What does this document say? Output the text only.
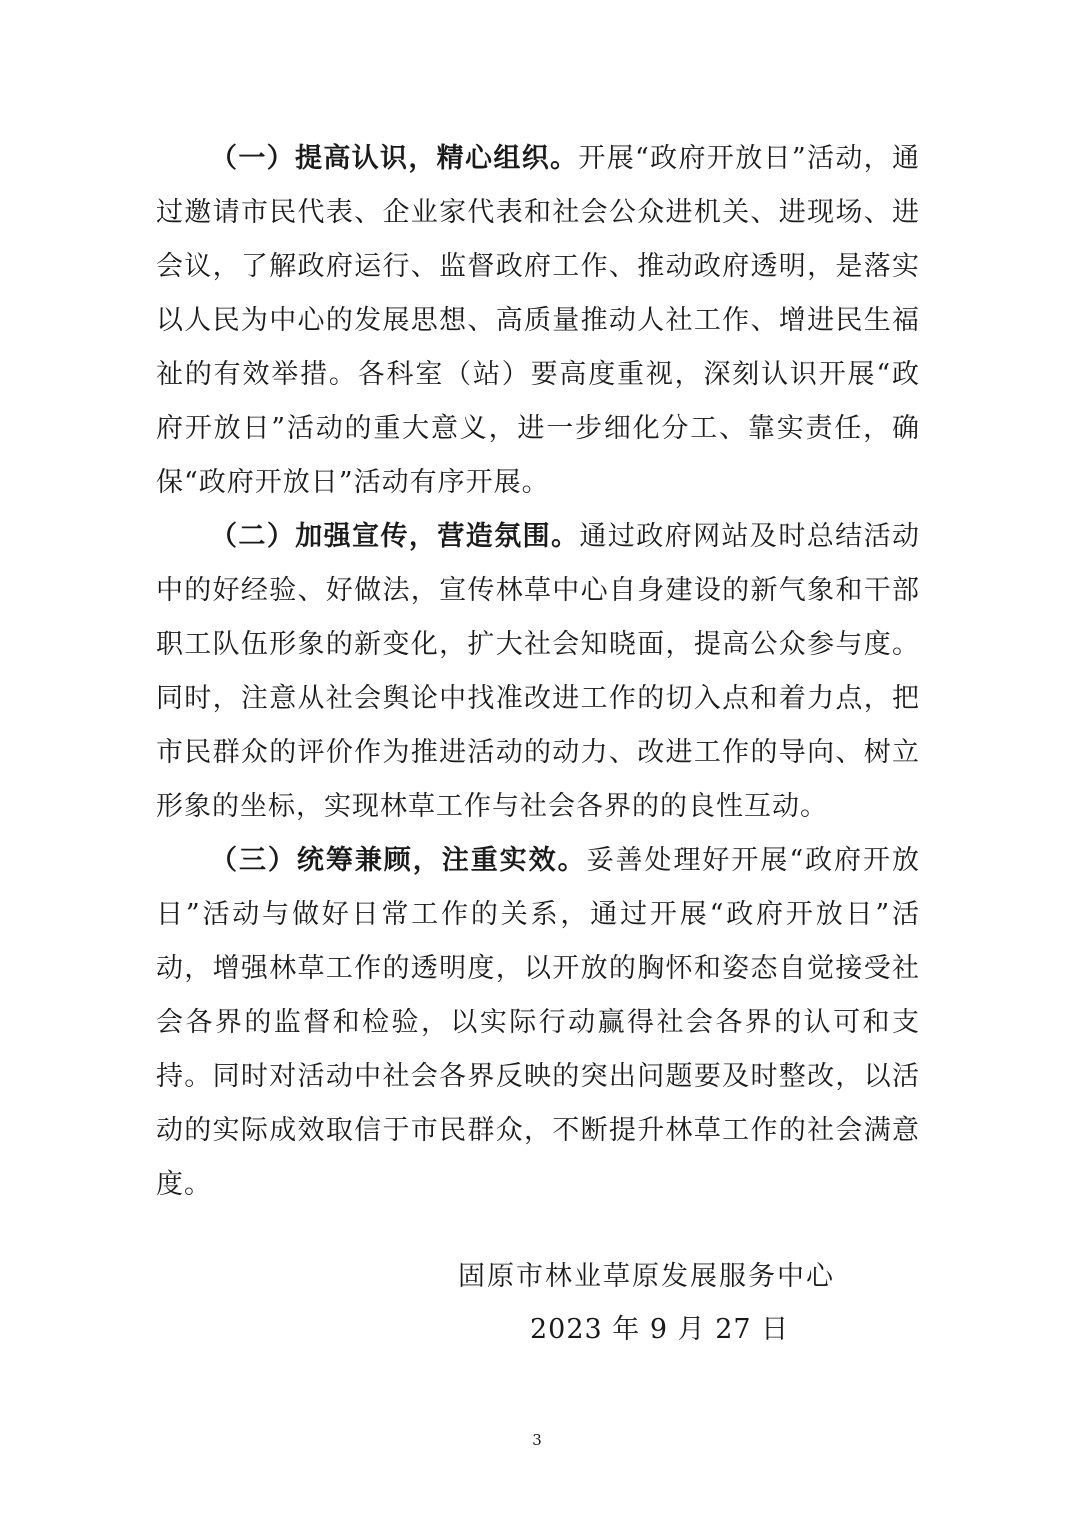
（一）提高认识，精心组织。开展“政府开放日”活动，通过邀请市民代表、企业家代表和社会公众进机关、进现场、进会议，了解政府运行、监督政府工作、推动政府透明，是落实以人民为中心的发展思想、高质量推动人社工作、增进民生福祉的有效举措。各科室（站）要高度重视，深刻认识开展“政府开放日”活动的重大意义，进一步细化分工、靠实责任，确保“政府开放日”活动有序开展。

（二）加强宣传，营造氛围。通过政府网站及时总结活动中的好经验、好做法，宣传林草中心自身建设的新气象和干部职工队伍形象的新变化，扩大社会知晓面，提高公众参与度。同时，注意从社会舆论中找准改进工作的切入点和着力点，把市民群众的评价作为推进活动的动力、改进工作的导向、树立形象的坐标，实现林草工作与社会各界的的良性互动。

（三）统筹兼顾，注重实效。妥善处理好开展“政府开放日”活动与做好日常工作的关系，通过开展“政府开放日”活动，增强林草工作的透明度，以开放的胸怀和姿态自觉接受社会各界的监督和检验，以实际行动赢得社会各界的认可和支持。同时对活动中社会各界反映的突出问题要及时整改，以活动的实际成效取信于市民群众，不断提升林草工作的社会满意度。

固原市林业草原发展服务中心
2023 年 9 月 27 日
3
